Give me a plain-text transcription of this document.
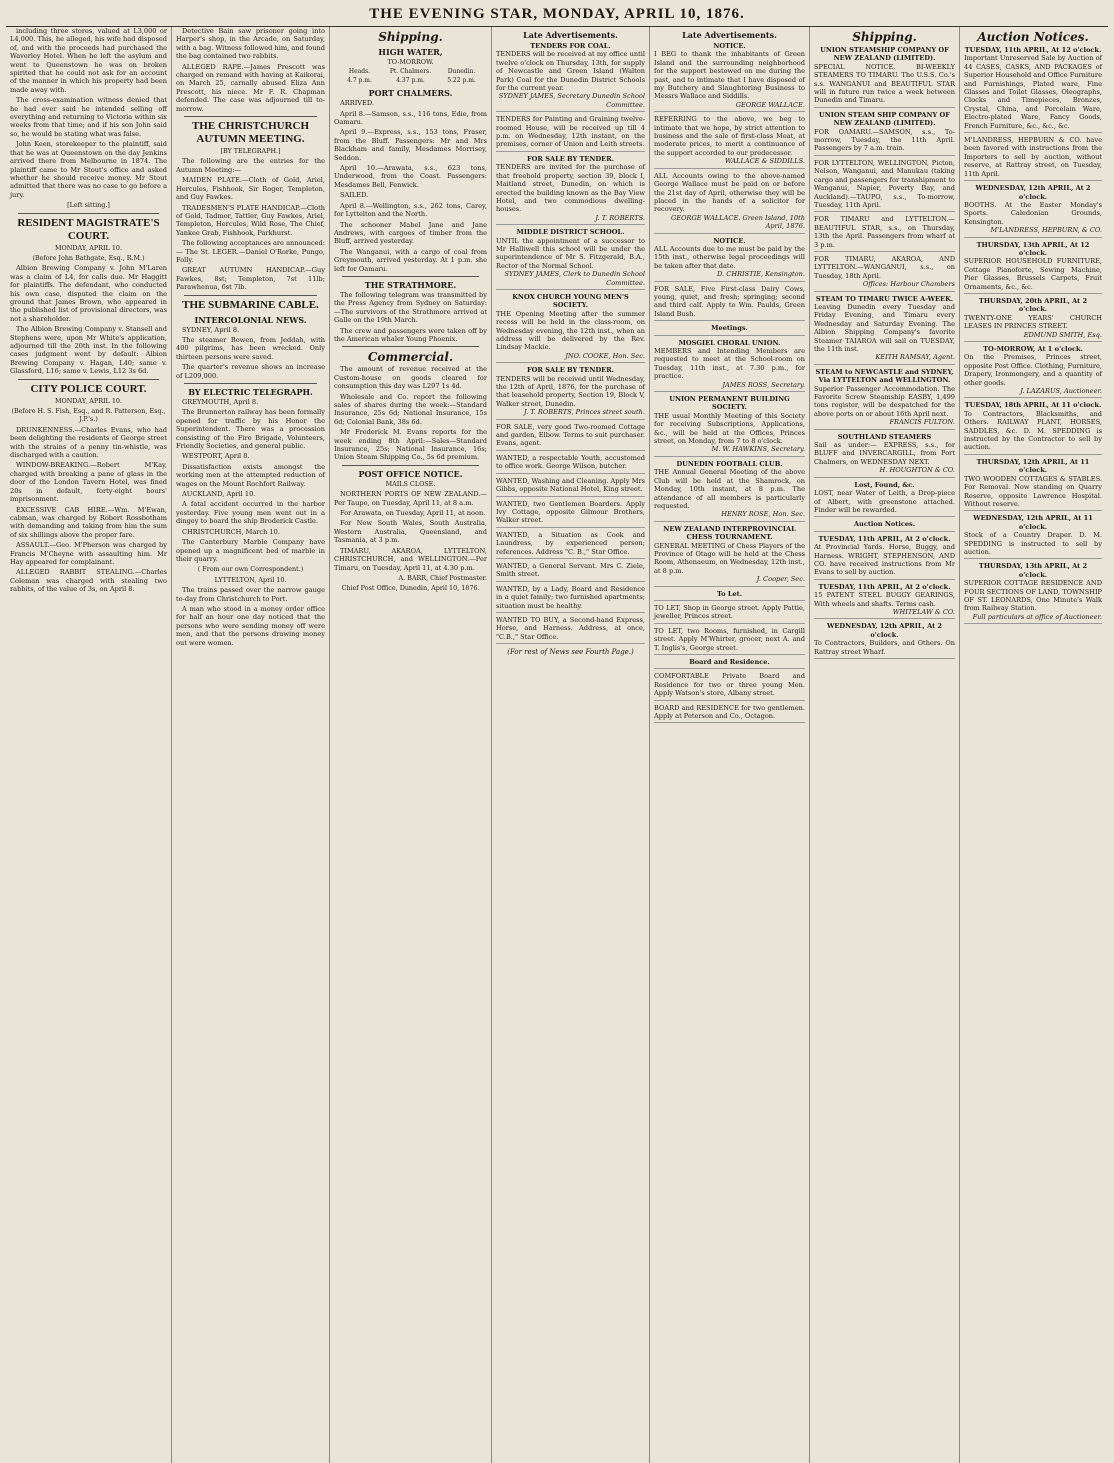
THE EVENING STAR, MONDAY, APRIL 10, 1876.
including three stores, valued at L3,000 or L4,000. This, he alleged, his wife had disposed of, and with the proceeds had purchased the Waverley Hotel. When he left the asylum and went to Queenstown he was on broken spirited that he could not ask for an account of the manner in which his property had been made away with.
The cross-examination witness denied that he had ever said he intended selling off everything and returning to Victoria within six weeks from that time; and if his son John said so, he would be stating what was false.
John Keen, storekeeper to the plaintiff, said that he was at Queenstown on the day Jenkins arrived there from Melbourne in 1874. The plaintiff came to Mr Stout's office and asked whether he should receive money. Mr Stout admitted that there was no case to go before a jury.
[Left sitting.]
RESIDENT MAGISTRATE'S COURT.
MONDAY, APRIL 10.
(Before John Bathgate, Esq., R.M.)
Albion Brewing Company v. John M'Laren was a claim of L4, for calls due. Mr Haggitt for plaintiffs. The defendant, who conducted his own case, disputed the claim on the ground that James Brown, who appeared in the published list of provisional directors, was not a shareholder.
The Albion Brewing Company v. Stansell and Stephens were, upon Mr White's application, adjourned till the 20th inst. In the following cases judgment went by default: Albion Brewing Company v. Hagan, L40; same v. Glassford, L16; same v. Lewis, L12 3s 6d.
CITY POLICE COURT.
MONDAY, APRIL 10.
(Before H. S. Fish, Esq., and R. Patterson, Esq., J.P.'s.)
DRUNKENNESS.—Charles Evans, who had been delighting the residents of George street with the strains of a penny tin-whistle, was discharged with a caution.
WINDOW-BREAKING.—Robert M'Kay, charged with breaking a pane of glass in the door of the London Tavern Hotel, was fined 20s in default, forty-eight hours' imprisonment.
EXCESSIVE CAB HIRE.—Wm. M'Ewan, cabman, was charged by Robert Rossbotham with demanding and taking from him the sum of six shillings above the proper fare.
ASSAULT.—Geo. M'Pherson was charged by Francis M'Cheyne with assaulting him. Mr Hay appeared for complainant.
ALLEGED RABBIT STEALING.—Charles Coleman was charged with stealing two rabbits, of the value of 3s, on April 8.
Detective Bain saw prisoner going into Harper's shop, in the Arcade, on Saturday, with a bag. Witness followed him, and found the bag contained two rabbits.
ALLEGED RAPE.—James Prescott was charged on remand with having at Kaikorai, on March 25, carnally abused Eliza Ann Prescott, his niece. Mr F. R. Chapman defended. The case was adjourned till to-morrow.
THE CHRISTCHURCH AUTUMN MEETING.
[BY TELEGRAPH.]
The following are the entries for the Autumn Meeting:—
MAIDEN PLATE.—Cloth of Gold, Ariel, Hercules, Fishhook, Sir Roger, Templeton, and Guy Fawkes.
TRADESMEN'S PLATE HANDICAP.—Cloth of Gold, Tadmor, Tattler, Guy Fawkes, Ariel, Templeton, Hercules, Wild Rose, The Chief, Yankee Grab, Fishhook, Parkhurst.
The following acceptances are announced:— The St. LEGER.—Daniel O'Rorke, Pungo, Folly.
GREAT AUTUMN HANDICAP.—Guy Fawkes, 8st; Templeton, 7st 11lb; Parawhenua, 6st 7lb.
THE SUBMARINE CABLE.
INTERCOLONIAL NEWS.
SYDNEY, April 8.
The steamer Bowen, from Jeddah, with 400 pilgrims, has been wrecked. Only thirteen persons were saved.
The quarter's revenue shows an increase of L209,000.
BY ELECTRIC TELEGRAPH.
GREYMOUTH, April 8.
The Brunnerton railway has been formally opened for traffic by his Honor the Superintendent. There was a procession consisting of the Fire Brigade, Volunteers, Friendly Societies, and general public.
WESTPORT, April 8.
Dissatisfaction exists amongst the working men at the attempted reduction of wages on the Mount Rochfort Railway.
AUCKLAND, April 10.
A fatal accident occurred in the harbor yesterday. Five young men went out in a dingey to board the ship Broderick Castle.
CHRISTCHURCH, March 10.
The Canterbury Marble Company have opened up a magnificent bed of marble in their quarry.
( From our own Correspondent.)
LYTTELTON, April 10.
The trains passed over the narrow gauge to-day from Christchurch to Port.
A man who stood in a money order office for half an hour one day noticed that the persons who were sending money off were men, and that the persons drawing money out were women.
Shipping.
HIGH WATER,
TO-MORROW.
Heads.
4.7 p.m.
Pt. Chalmers.
4.37 p.m.
Dunedin.
5.22 p.m.
PORT CHALMERS.
ARRIVED.
April 8.—Samson, s.s., 116 tons, Edie, from Oamaru.
April 9.—Express, s.s., 153 tons, Fraser, from the Bluff. Passengers: Mr and Mrs Blackham and family, Mesdames Morrisey, Seddon.
April 10.—Arawata, s.s., 623 tons, Underwood, from the Coast. Passengers: Mesdames Bell, Fenwick.
SAILED.
April 8.—Wellington, s.s., 262 tons, Carey, for Lyttelton and the North.
The schooner Mabel Jane and Jane Andrews, with cargoes of timber from the Bluff, arrived yesterday.
The Wanganui, with a cargo of coal from Greymouth, arrived yesterday. At 1 p.m. she left for Oamaru.
THE STRATHMORE.
The following telegram was transmitted by the Press Agency from Sydney on Saturday:—The survivors of the Strathmore arrived at Galle on the 19th March.
The crew and passengers were taken off by the American whaler Young Phoenix.
Commercial.
The amount of revenue received at the Custom-house on goods cleared for consumption this day was L297 1s 4d.
Wholesale and Co. report the following sales of shares during the week:—Standard Insurance, 25s 6d; National Insurance, 15s 6d; Colonial Bank, 38s 6d.
Mr Frederick M. Evans reports for the week ending 8th April:—Sales—Standard Insurance, 25s; National Insurance, 16s; Union Steam Shipping Co., 5s 6d premium.
POST OFFICE NOTICE.
MAILS CLOSE.
NORTHERN PORTS OF NEW ZEALAND.—Per Taupo, on Tuesday, April 11, at 8 a.m.
For Arawata, on Tuesday, April 11, at noon.
For New South Wales, South Australia, Western Australia, Queensland, and Tasmania, at 3 p.m.
TIMARU, AKAROA, LYTTELTON, CHRISTCHURCH, and WELLINGTON.—Per Timaru, on Tuesday, April 11, at 4.30 p.m.
A. BARR, Chief Postmaster.
Chief Post Office, Dunedin, April 10, 1876.
Late Advertisements.
TENDERS FOR COAL.
TENDERS will be received at my office until twelve o'clock on Thursday, 13th, for supply of Newcastle and Green Island (Walton Park) Coal for the Dunedin District Schools for the current year.
SYDNEY JAMES, Secretary Dunedin School Committee.
TENDERS for Painting and Graining twelve-roomed House, will be received up till 4 p.m. on Wednesday, 12th instant, on the premises, corner of Union and Leith streets.
FOR SALE BY TENDER.
TENDERS are invited for the purchase of that freehold property, section 39, block I, Maitland street, Dunedin, on which is erected the building known as the Bay View Hotel, and two commodious dwelling-houses.
J. T. ROBERTS.
MIDDLE DISTRICT SCHOOL.
UNTIL the appointment of a successor to Mr Halliwell this school will be under the superintendence of Mr S. Fitzgerald, B.A., Rector of the Normal School.
SYDNEY JAMES, Clerk to Dunedin School Committee.
KNOX CHURCH YOUNG MEN'S SOCIETY.
THE Opening Meeting after the summer recess will be held in the class-room, on Wednesday evening, the 12th inst., when an address will be delivered by the Rev. Lindsay Mackie.
JNO. COOKE, Hon. Sec.
FOR SALE BY TENDER.
TENDERS will be received until Wednesday, the 12th of April, 1876, for the purchase of that leasehold property, Section 19, Block V, Walker street, Dunedin.
J. T. ROBERTS, Princes street south.
FOR SALE, very good Two-roomed Cottage and garden, Elbow. Terms to suit purchaser. Evans, agent.
WANTED, a respectable Youth, accustomed to office work. George Wilson, butcher.
WANTED, Washing and Cleaning. Apply Mrs Gibbs, opposite National Hotel, King street.
WANTED, two Gentlemen Boarders. Apply Ivy Cottage, opposite Gilmour Brothers, Walker street.
WANTED, a Situation as Cook and Laundress, by experienced person; references. Address "C. B.," Star Office.
WANTED, a General Servant. Mrs C. Ziele, Smith street.
WANTED, by a Lady, Board and Residence in a quiet family; two furnished apartments; situation must be healthy.
WANTED TO BUY, a Second-hand Express, Horse, and Harness. Address, at once, "C.B.," Star Office.
(For rest of News see Fourth Page.)
Late Advertisements.
NOTICE.
I BEG to thank the inhabitants of Green Island and the surrounding neighborhood for the support bestowed on me during the past, and to intimate that I have disposed of my Butchery and Slaughtering Business to Messrs Wallace and Siddills.
GEORGE WALLACE.
REFERRING to the above, we beg to intimate that we hope, by strict attention to business and the sale of first-class Meat, at moderate prices, to merit a continuance of the support accorded to our predecessor.
WALLACE & SIDDILLS.
ALL Accounts owing to the above-named George Wallace must be paid on or before the 21st day of April, otherwise they will be placed in the hands of a solicitor for recovery.
GEORGE WALLACE. Green Island, 10th April, 1876.
NOTICE.
ALL Accounts due to me must be paid by the 15th inst., otherwise legal proceedings will be taken after that date.
D. CHRISTIE, Kensington.
FOR SALE, Five First-class Dairy Cows, young, quiet, and fresh; springing; second and third calf. Apply to Wm. Paulds, Green Island Bush.
Meetings.
MOSGIEL CHORAL UNION.
MEMBERS and Intending Members are requested to meet at the School-room on Tuesday, 11th inst., at 7.30 p.m., for practice.
JAMES ROSS, Secretary.
UNION PERMANENT BUILDING SOCIETY.
THE usual Monthly Meeting of this Society for receiving Subscriptions, Applications, &c., will be held at the Offices, Princes street, on Monday, from 7 to 8 o'clock.
M. W. HAWKINS, Secretary.
DUNEDIN FOOTBALL CLUB.
THE Annual General Meeting of the above Club will be held at the Shamrock, on Monday, 10th instant, at 8 p.m. The attendance of all members is particularly requested.
HENRY ROSE, Hon. Sec.
NEW ZEALAND INTERPROVINCIAL CHESS TOURNAMENT.
GENERAL MEETING of Chess Players of the Province of Otago will be held at the Chess Room, Athenaeum, on Wednesday, 12th inst., at 8 p.m.
J. Cooper, Sec.
To Let.
TO LET, Shop in George street. Apply Pattie, jeweller, Princes street.
TO LET, two Rooms, furnished, in Cargill street. Apply M'Whirter, grocer, next A. and T. Inglis's, George street.
Board and Residence.
COMFORTABLE Private Board and Residence for two or three young Men. Apply Watson's store, Albany street.
BOARD and RESIDENCE for two gentlemen. Apply at Peterson and Co., Octagon.
Shipping.
UNION STEAMSHIP COMPANY OF NEW ZEALAND (LIMITED).
SPECIAL NOTICE. BI-WEEKLY STEAMERS TO TIMARU. The U.S.S. Co.'s s.s. WANGANUI and BEAUTIFUL STAR will in future run twice a week between Dunedin and Timaru.
UNION STEAM SHIP COMPANY OF NEW ZEALAND (LIMITED).
FOR OAMARU.—SAMSON, s.s., To-morrow, Tuesday, the 11th April. Passengers by 7 a.m. train.
FOR LYTTELTON, WELLINGTON, Picton, Nelson, Wanganui, and Manukau (taking cargo and passengers for transhipment to Wanganui, Napier, Poverty Bay, and Auckland).—TAUPO, s.s., To-morrow, Tuesday, 11th April.
FOR TIMARU and LYTTELTON.—BEAUTIFUL STAR, s.s., on Thursday, 13th the April. Passengers from wharf at 3 p.m.
FOR TIMARU, AKAROA, AND LYTTELTON.—WANGANUI, s.s., on Tuesday, 18th April.
Offices: Harbour Chambers
STEAM TO TIMARU TWICE A-WEEK.
Leaving Dunedin every Tuesday and Friday Evening, and Timaru every Wednesday and Saturday Evening. The Albion Shipping Company's favorite Steamer TAIAROA will sail on TUESDAY, the 11th inst.
KEITH RAMSAY, Agent.
STEAM to NEWCASTLE and SYDNEY, Via LYTTELTON and WELLINGTON.
Superior Passenger Accommodation. The Favorite Screw Steamship EASBY, 1,499 tons register, will be despatched for the above ports on or about 16th April next.
FRANCIS FULTON.
SOUTHLAND STEAMERS
Sail as under:— EXPRESS, s.s., for BLUFF and INVERCARGILL, from Port Chalmers, on WEDNESDAY NEXT.
H. HOUGHTON & CO.
Lost, Found, &c.
LOST, near Water of Leith, a Drop-piece of Albert, with greenstone attached. Finder will be rewarded.
Auction Notices.
TUESDAY, 11th APRIL, At 2 o'clock.
At Provincial Yards. Horse, Buggy, and Harness. WRIGHT, STEPHENSON, AND CO. have received instructions from Mr Evans to sell by auction.
TUESDAY, 11th APRIL, At 2 o'clock.
15 PATENT STEEL BUGGY GEARINGS, With wheels and shafts. Terms cash.
WHITELAW & CO.
WEDNESDAY, 12th APRIL, At 2 o'clock.
To Contractors, Builders, and Others. On Rattray street Wharf.
Auction Notices.
TUESDAY, 11th APRIL, At 12 o'clock.
Important Unreserved Sale by Auction of 44 CASES, CASKS, AND PACKAGES of Superior Household and Office Furniture and Furnishings, Plated ware, Fine Glasses and Toilet Glasses, Oleographs, Clocks and Timepieces, Bronzes, Crystal, China, and Porcelain Ware, Electro-plated Ware, Fancy Goods, French Furniture, &c., &c., &c.
M'LANDRESS, HEPBURN & CO. have been favored with instructions from the Importers to sell by auction, without reserve, at Rattray street, on Tuesday, 11th April.
WEDNESDAY, 12th APRIL, At 2 o'clock.
BOOTHS. At the Easter Monday's Sports. Caledonian Grounds, Kensington.
M'LANDRESS, HEPBURN, & CO.
THURSDAY, 13th APRIL, At 12 o'clock.
SUPERIOR HOUSEHOLD FURNITURE, Cottage Pianoforte, Sewing Machine, Pier Glasses, Brussels Carpets, Fruit Ornaments, &c., &c.
THURSDAY, 20th APRIL, At 2 o'clock.
TWENTY-ONE YEARS' CHURCH LEASES IN PRINCES STREET.
EDMUND SMITH, Esq.
TO-MORROW, At 1 o'clock.
On the Premises, Princes street, opposite Post Office. Clothing, Furniture, Drapery, Ironmongery, and a quantity of other goods.
J. LAZARUS, Auctioneer.
TUESDAY, 18th APRIL, At 11 o'clock.
To Contractors, Blacksmiths, and Others. RAILWAY PLANT, HORSES, SADDLES, &c. D. M. SPEDDING is instructed by the Contractor to sell by auction.
THURSDAY, 12th APRIL, At 11 o'clock.
TWO WOODEN COTTAGES & STABLES. For Removal. Now standing on Quarry Reserve, opposite Lawrence Hospital. Without reserve.
WEDNESDAY, 12th APRIL, At 11 o'clock.
Stock of a Country Draper. D. M. SPEDDING is instructed to sell by auction.
THURSDAY, 13th APRIL, At 2 o'clock.
SUPERIOR COTTAGE RESIDENCE AND FOUR SECTIONS OF LAND, TOWNSHIP OF ST. LEONARDS, One Minute's Walk from Railway Station.
Full particulars at office of Auctioneer.
